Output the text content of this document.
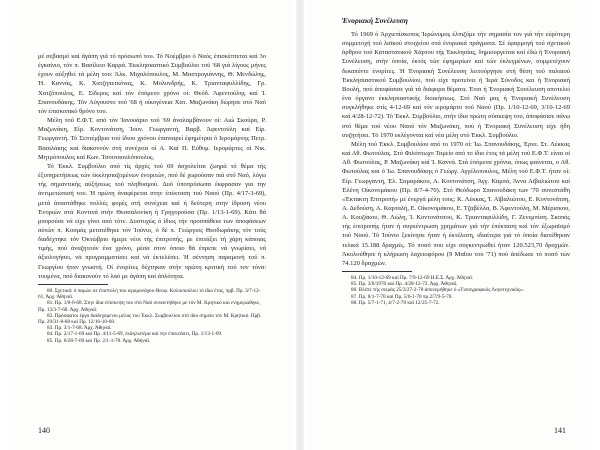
μέ σεβασμό καί άγάπη γιά τό πρόσωπό του. Τό Νοέμβριο ό Ναός έπισκέπτεται καί 3ο έγκαίνιο, τόν π. Βασίλειο Καρρά. Έκκλησιαστικό Συμβούλιο τού '68 γιά λίγους μήνες έχουν αύξηθεί τά μέλη του: Άλκ. Μιχαλόπουλος, Μ. Μαστρογιάννης, Θ. Μενδώλης, Ή. Καννάς, Κ. Χατζηπετκόνας, Κ. Μολυνδρής, Κ. Τριανταφυλλίδης, Γρ. Χατζόπουλος, Ε. Σίδερος καί τόν έπόμενο χρόνο οί: Θεόδ. Άφεντούλης καί Ί. Σπανουδάκης. Τόν Αύγουστο τού '68 ή οίκογένεια Χατ. Μαζωνάκη δώρησε στό Ναό τόν έπισκοπικό θρόνο του.

Μέλη τού Ε.Φ.Τ. από τόν Ίανουάριο τού '69 άναλαμβάνουν οί: Αιώ Σκούρα, Ρ. Μαζωνάκη, Είρ. Κοντονάτση, Ίουν. Γεωργαντή, Βαρβ. Άφεντούλη καί Είρ. Γεωργαντή. Τό Σεπτέμβριο τού ίδιου χρόνου έπαναιρεί έφημέτρια ό Ιερομάρτης Πετρ. Βασιλάκης καί διακονούν στή συνέχεια οί Α. Καί Π. Εύθυμ. Ιερομάρτες οί Νικ. Μητρόπουλος καί Κων. Τσουταουλόπουλος.

Τό Έκκλ. Συμβούλιο από τίς άρχές τού 69 άσχολείται ζωηρά τό θέμα τής έξυπηρετήσεως τών έκκλησιαζομένων ένοριτών, πού δέ χωρούσαν πιά στό Ναό, λόγω τής σημαντικής αύξήσεως τού πληθυσμού. Δυό ύποπρόσωπα έκφρασαν για την άντιμετώπισή του. Ή πρώτη άναφέρεται στην έπέκταση τού Ναού (Πρ. 4/17-3-69), μετά άναστάθηκε πολλές φορές στή συνέχεια καί ή δεύτερη στην ίδρυση νέου Ένοριών στά Κοντινά στήν Θεσσαλονίκη ή Γρηγορούσα (Πρ. 1/13-1-69). Κάτι θά μπορούσε νά είχε γίνει από τότε. Δυστυχώς ό ίδιος τήν προσπάθεια των άποφάσεων αύτών π. Κοσμάς μετατέθηκε τόν Ίούνιο, ό δέ π. Γεώργιος Θεοδωράκης τόν τούς διαδέχτηκε τόν Όκτώβριο ήμερε νέοι τής έπιτροπής, με έπιτάξει τή χάρη κάποιας τιμής, πού άναζητούν ένα χρόνο, μέσα στον όποιο θά έπρεπε νά γνωρίσει, νά άξιολογήσει, νά προγραμματίσει καί νά έκτελέσει. Ή σέντηση παραμονή τού π. Γεωργίου ήταν γνωστή. Οί ένορίτες δέχτηκαν στήν πρώτη κριτική τού τον τόνα: τουμένα, πού διακονούν τό λαό με άγάπη καί άπλότητα.

80. Σχετικά: ό παρών σε έπιστολή του ιερομονάχου Θεοφ. Κολιοπούλου τό ίδιο έτος, πρβ. Πρ. 3/7-12-61, Άρχ. Άθηναϊ.

81. Πρ. 1/8-6-68. Στην ίδια έπίσκεψη του στό Ναό συναντήθηκε με τόν Μ. Κρητικό και ενημερώθηκε, Πρ. 13/3-7-68. Άρχ. Άθηναϊ.

82. Πρόσφατοι έργο διαδεχόμενοι μέλος του Έκκλ. Συμβουλίου στό ίδιο σημείο τόν Μ. Κρητικό. Πρβ. Πρ. 29/31-8-68 καί Πρ. 12/16-10-68.

83. Πρ. 3/1-7-68. Άρχ. Άθηναϊ.

84. Πρ. 2/17-1-69 καί Πρ. 4/11-5-69, έκδηλωτέρα καί την έπεκτάσει, Πρ. 1/13-1-69.

85. Πρ. 6/28-7-69 καί Πρ. 2/1-1-70. Άρχ. Άθηναϊ.

140
Ένοριακή Συνέλευση

Τό 1969 ό Άρχιεπίσκοπος Ίερώνυμος έλπιζόμε τήν σημασία τον γιά τήν εύρύτερη συμμετοχή τού λαϊκού στοιχείου στά ένοριακά πράγματα. Σέ έφαρμογή τού σχετικού άρθρου τού Καταστατικού Χάρτου τής Έκκλησίας, δημιουργείται καί έδώ ή Ένοριακή Συνέλευση, στήν όποία, έκτός τών έφημερίων καί τών έκλεγμένων, συμμετέχουν δεκαπέντε ένορίτες. Ή Ένοριακή Συνέλευση λειτούργησε στή θέση τού παλαιού Έκκλησιαστικού Συμβουλίου, πού είχε προτείνει ή Ίερά Σύνοδος και ή Ένοριακή Βουλή, πού άποφάσισε γιά τά διάφορα θέματα. Έτσι ή Ένοριακή Συνέλευση αποτελεί ένα όργανο έκκλησιαστικής διοικήσεως. Στό Ναό μας ή Ένοριακή Συνέλευση συγκλήθηκε στίς 4-12-69 καί τόν ιερομάρτυ τού Ναού (Πρ. 1/10-12-69, 3/10-12-69 καί 4/28-12-72). Τό Έκκλ. Συμβούλιο, στήν ίδια πρώτη σύσκεψη του, άποφάσισε πάνω στό θέμα τού νέου Ναού τόν Μαζωνάκη, πού ή Ένοριακή Συνέλευση είχε ήδη συζητήσει. Τό 1970 εκλέγονται καί νέα μέλη στό Έκκλ. Συμβούλιο.

Μέλη τού Έκκλ. Συμβουλίου από το 1970 οί: Ίω. Σπανουδάκης, Έρνε. Στ. Λέκκας καί Αθ. Φωτούλας. Στό Φιλόπτωχο Ταμείο από το ίδιο έτος τά μέλη τού Ε.Φ.Τ. είναι οί Αθ. Φωτούλας, Ρ. Μαζωνάκη καί Ί. Καννά. Στά έπόμενα χρόνια, όπως φαίνεται, ο Αθ. Φωτούλας και ό Ίω. Σπανουδάκης ό Γεώργ. Αγγέλοπουλος, Μέλη τού Ε.Φ.Τ. ήταν οί: Είρ. Γεωργαντή, Έλ. Σαμαράκου, Α. Κοντονάτση, Άγγ. Καμπά, Άννα Αϊβαλιώτου καί Έλένη Οίκονομάκου (Πρ. 8/7-4-70). Στό Θεόδωρο Σπανουδάκη των '70 συνεστάθη «Έκτακτη Επιτροπή» μέ ένεργά μέλη τους: Κ. Λέκκας, Ί. Αϊβαλιώτου, Ε. Κοντονάτση, Α. Δεδούση, Α. Καρταλή, Ε. Οίκονομάκου, Ε. Τζαβέλλα, Β. Άφεντούλη, Μ. Μέρισκου, Α. Κουζάκου, Θ. Λώλη, Ί. Κοντονάτσου, Κ. Τριανταφυλλίδη, Γ. Ζενεμπίση. Σκοπός τής έπιτροπής ήταν ή συγκέντρωση χρημάτων γιά τήν έπέκταση καί τόν έξωραϊσμό τού Ναού. Τό Ίούνιο ξεκίνησε ήταν ή έκτέλεση, ιδιαίτερα γιά τό όποία διατέθηκαν τελικά 15.188 δραχμές. Τό ποσό που είχε συγκεντρωθεί ήταν 120.523,70 δραχμών. Άκολούθησε ή κλήρωση λαχειοφόρου (9 Μαΐου του '71) πού άπέδωσε τό ποσό τών 74.120 δραχμών.

84. Πρ. 1/10-12-69 καί Πρ. 7/9-12-69 Η.Ε.Σ. Άρχ. Άθηναϊ.

85. Πρ. 3/6/1970 καί Πρ. 4/28-12-72. Άρχ. Άθηναϊ.

86. Βλέπε τής σειράς 25/3/27-2-70 άπονεμήθηκε ό «Τυπογραφικός Λογοτεχνικός».

87. Πρ. 8/1-7-70 καί Πρ. 5/6-1-70 πρ.2/7/9-5-70.

88. Πρ. 5/7-1-71, 4/7-2-70 καί 12/25-7-72.

141
